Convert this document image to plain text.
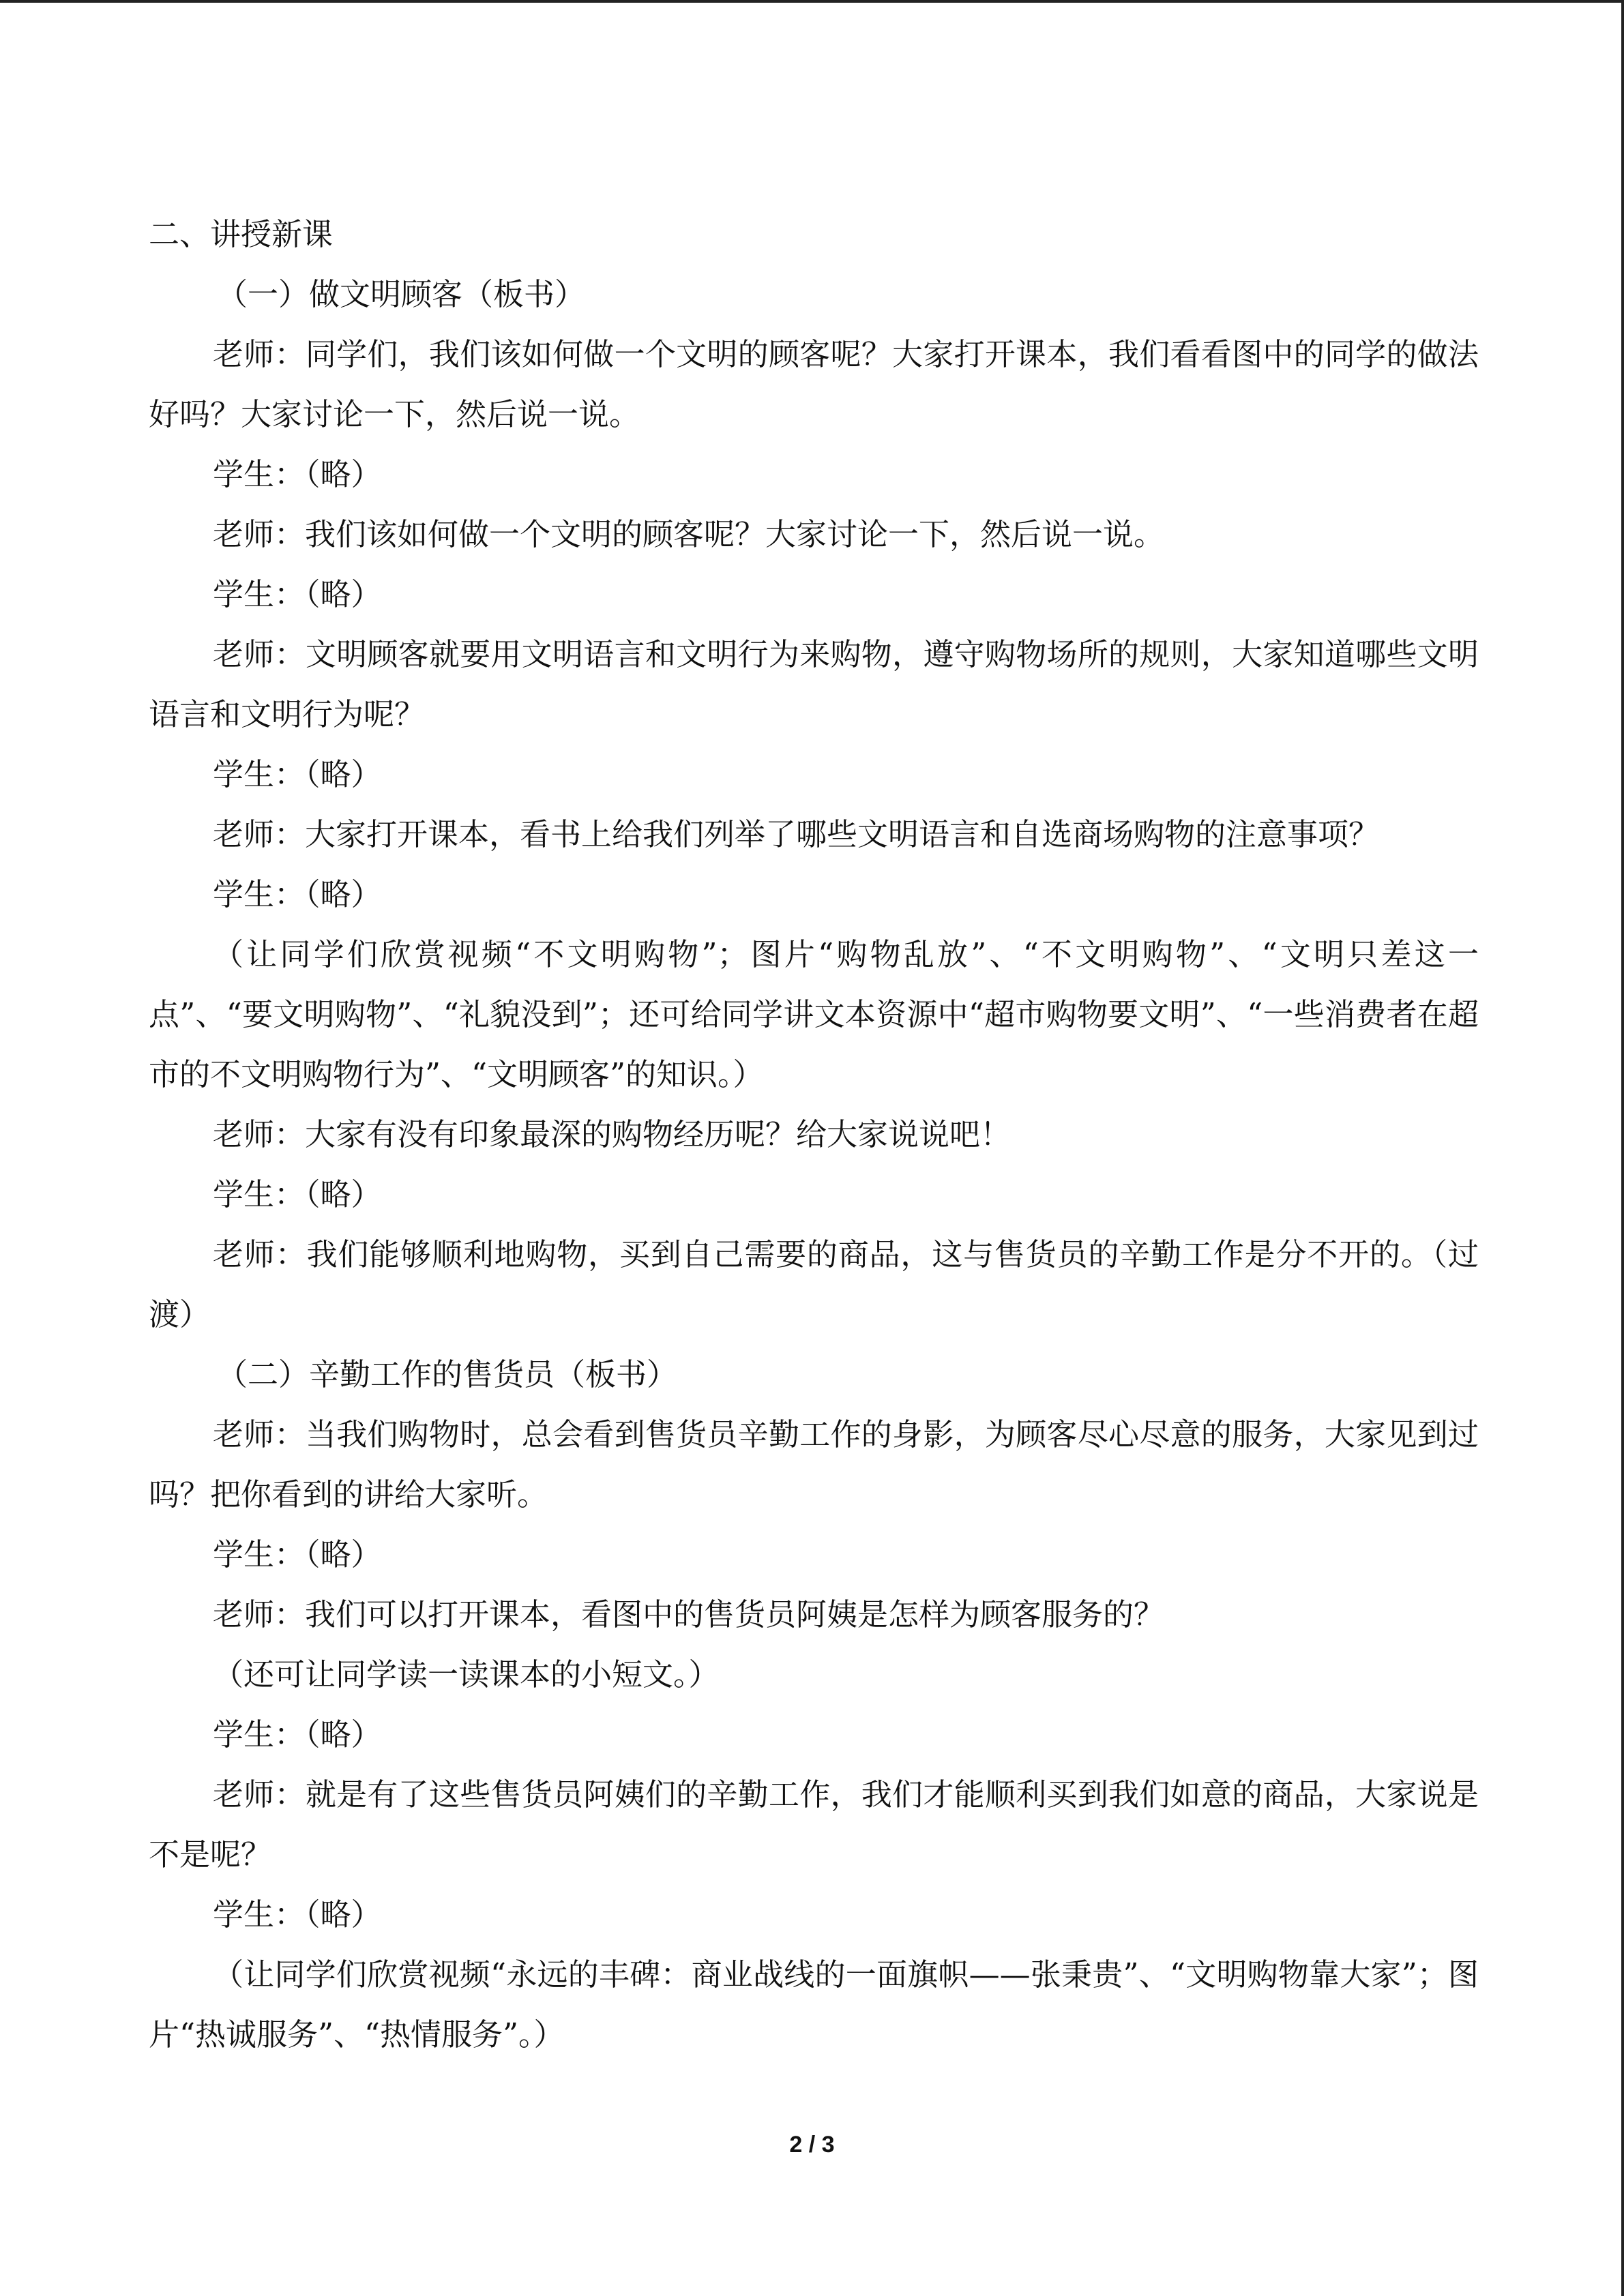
二、讲授新课

（一）做文明顾客（板书）

老师：同学们，我们该如何做一个文明的顾客呢？大家打开课本，我们看看图中的同学的做法好吗？大家讨论一下，然后说一说。

学生：（略）

老师：我们该如何做一个文明的顾客呢？大家讨论一下，然后说一说。

学生：（略）

老师：文明顾客就要用文明语言和文明行为来购物，遵守购物场所的规则，大家知道哪些文明语言和文明行为呢？

学生：（略）

老师：大家打开课本，看书上给我们列举了哪些文明语言和自选商场购物的注意事项？

学生：（略）

（让同学们欣赏视频“不文明购物”；图片“购物乱放”、“不文明购物”、“文明只差这一点”、“要文明购物”、“礼貌没到”；还可给同学讲文本资源中“超市购物要文明”、“一些消费者在超市的不文明购物行为”、“文明顾客”的知识。）

老师：大家有没有印象最深的购物经历呢？给大家说说吧！

学生：（略）

老师：我们能够顺利地购物，买到自己需要的商品，这与售货员的辛勤工作是分不开的。（过渡）

（二）辛勤工作的售货员（板书）

老师：当我们购物时，总会看到售货员辛勤工作的身影，为顾客尽心尽意的服务，大家见到过吗？把你看到的讲给大家听。

学生：（略）

老师：我们可以打开课本，看图中的售货员阿姨是怎样为顾客服务的？

（还可让同学读一读课本的小短文。）

学生：（略）

老师：就是有了这些售货员阿姨们的辛勤工作，我们才能顺利买到我们如意的商品，大家说是不是呢？

学生：（略）

（让同学们欣赏视频“永远的丰碑：商业战线的一面旗帜——张秉贵”、“文明购物靠大家”；图片“热诚服务”、“热情服务”。）

2 / 3
